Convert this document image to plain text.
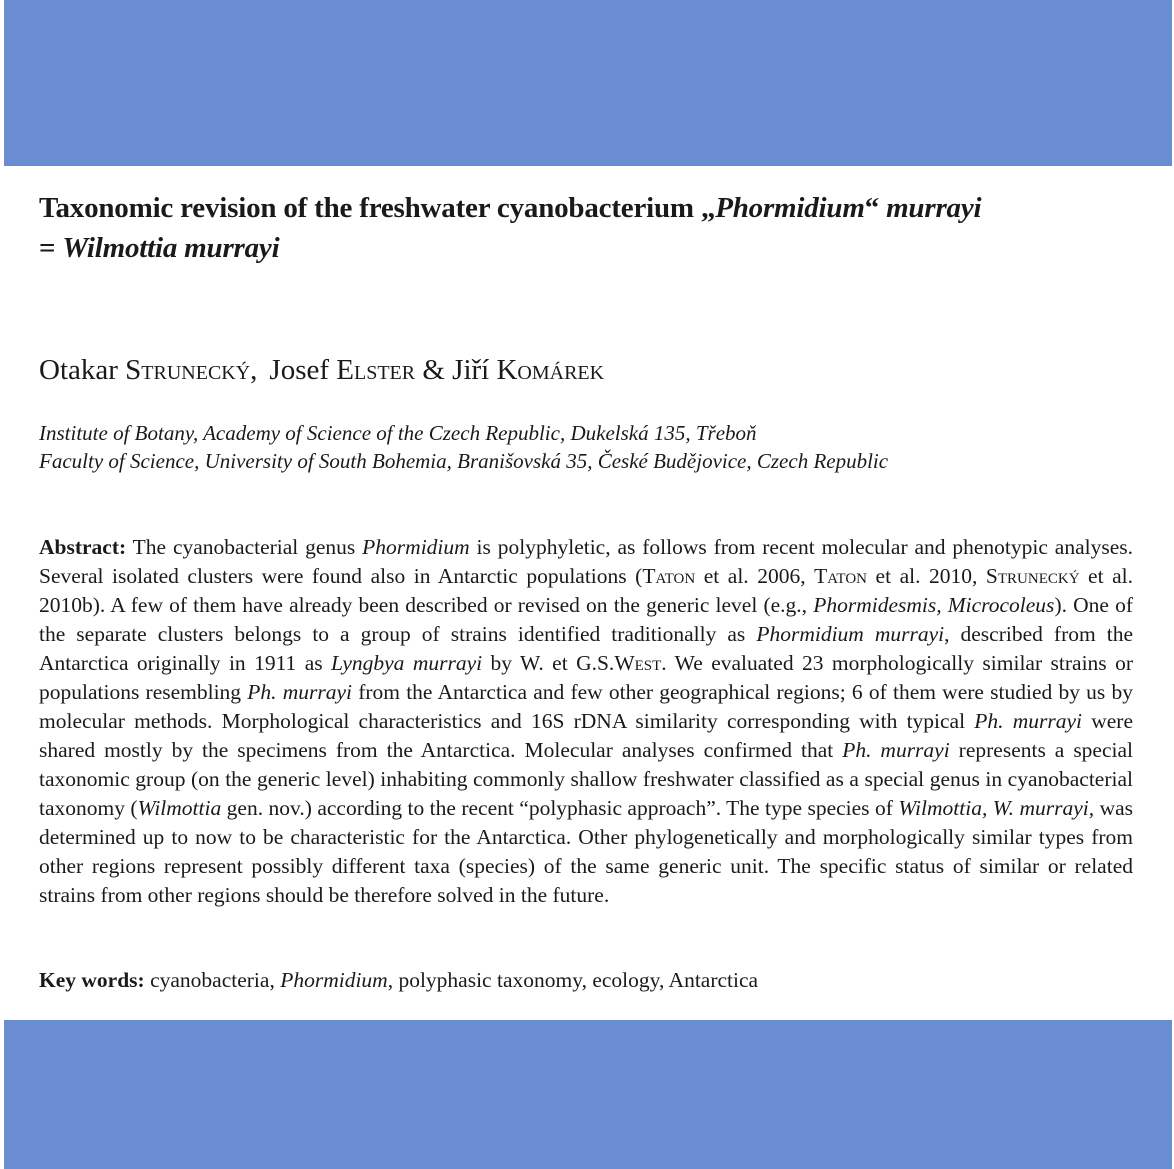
Taxonomic revision of the freshwater cyanobacterium „Phormidium“ murrayi
= Wilmottia murrayi

Otakar Strunecký, Josef Elster & Jiří Komárek

Institute of Botany, Academy of Science of the Czech Republic, Dukelská 135, Třeboň
Faculty of Science, University of South Bohemia, Branišovská 35, České Budějovice, Czech Republic

Abstract: The cyanobacterial genus Phormidium is polyphyletic, as follows from recent molecular and phenotypic analyses. Several isolated clusters were found also in Antarctic populations (Taton et al. 2006, Taton et al. 2010, Strunecký et al. 2010b). A few of them have already been described or revised on the generic level (e.g., Phormidesmis, Microcoleus). One of the separate clusters belongs to a group of strains identified traditionally as Phormidium murrayi, described from the Antarctica originally in 1911 as Lyngbya murrayi by W. et G.S.West. We evaluated 23 morphologically similar strains or populations resembling Ph. murrayi from the Antarctica and few other geographical regions; 6 of them were studied by us by molecular methods. Morphological characteristics and 16S rDNA similarity corresponding with typical Ph. murrayi were shared mostly by the specimens from the Antarctica. Molecular analyses confirmed that Ph. murrayi represents a special taxonomic group (on the generic level) inhabiting commonly shallow freshwater classified as a special genus in cyanobacterial taxonomy (Wilmottia gen. nov.) according to the recent “polyphasic approach”. The type species of Wilmottia, W. murrayi, was determined up to now to be characteristic for the Antarctica. Other phylogenetically and morphologically similar types from other regions represent possibly different taxa (species) of the same generic unit. The specific status of similar or related strains from other regions should be therefore solved in the future.

Key words: cyanobacteria, Phormidium, polyphasic taxonomy, ecology, Antarctica
